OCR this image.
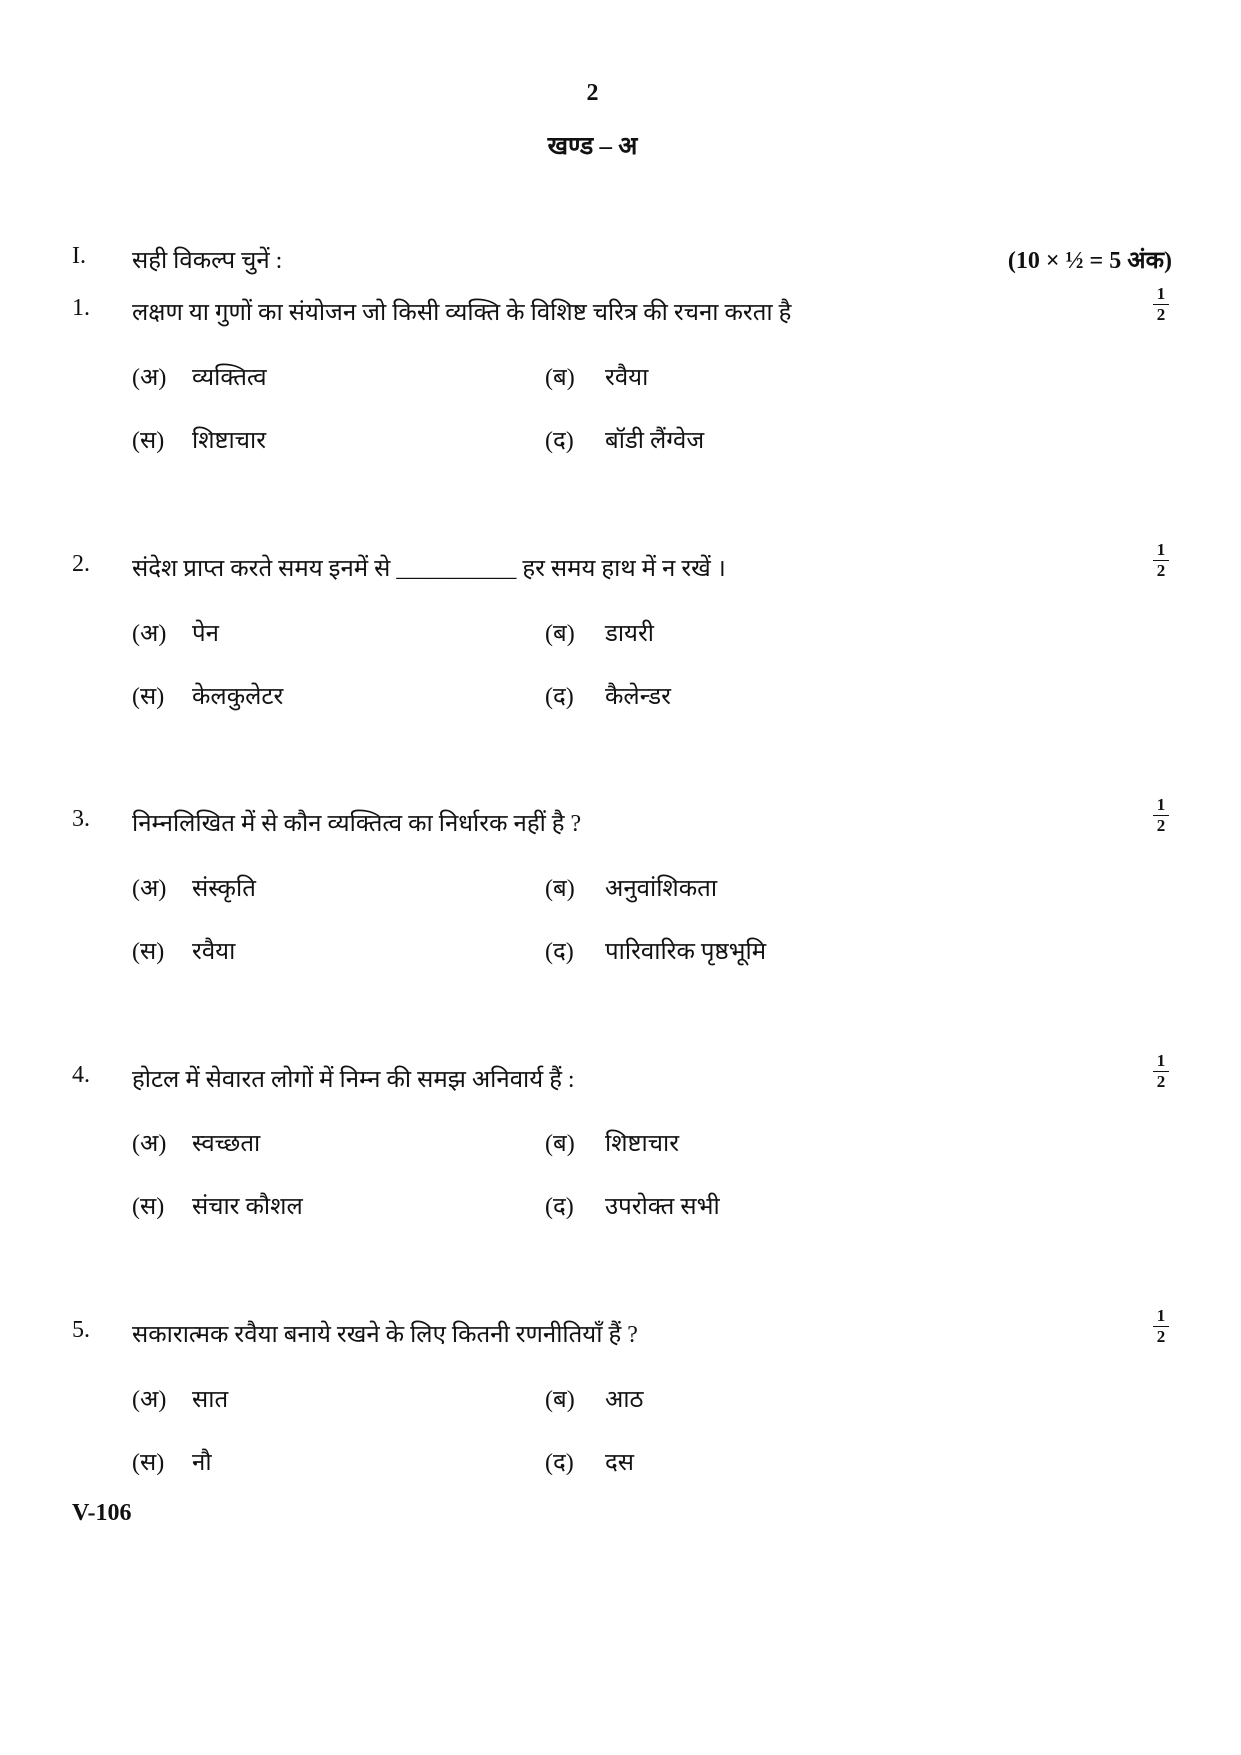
2
खण्ड – अ
I. सही विकल्प चुनें :	(10 × ½ = 5 अंक)
1. लक्षण या गुणों का संयोजन जो किसी व्यक्ति के विशिष्ट चरित्र की रचना करता है
1
2
(अ) व्यक्तित्व	(ब) रवैया
(स) शिष्टाचार	(द) बॉडी लैंग्वेज
2. संदेश प्राप्त करते समय इनमें से __________ हर समय हाथ में न रखें ।
1
2
(अ) पेन	(ब) डायरी
(स) केलकुलेटर	(द) कैलेन्डर
3. निम्नलिखित में से कौन व्यक्तित्व का निर्धारक नहीं है ?
1
2
(अ) संस्कृति	(ब) अनुवांशिकता
(स) रवैया	(द) पारिवारिक पृष्ठभूमि
4. होटल में सेवारत लोगों में निम्न की समझ अनिवार्य हैं :
1
2
(अ) स्वच्छता	(ब) शिष्टाचार
(स) संचार कौशल	(द) उपरोक्त सभी
5. सकारात्मक रवैया बनाये रखने के लिए कितनी रणनीतियाँ हैं ?
1
2
(अ) सात	(ब) आठ
(स) नौ	(द) दस
V-106
